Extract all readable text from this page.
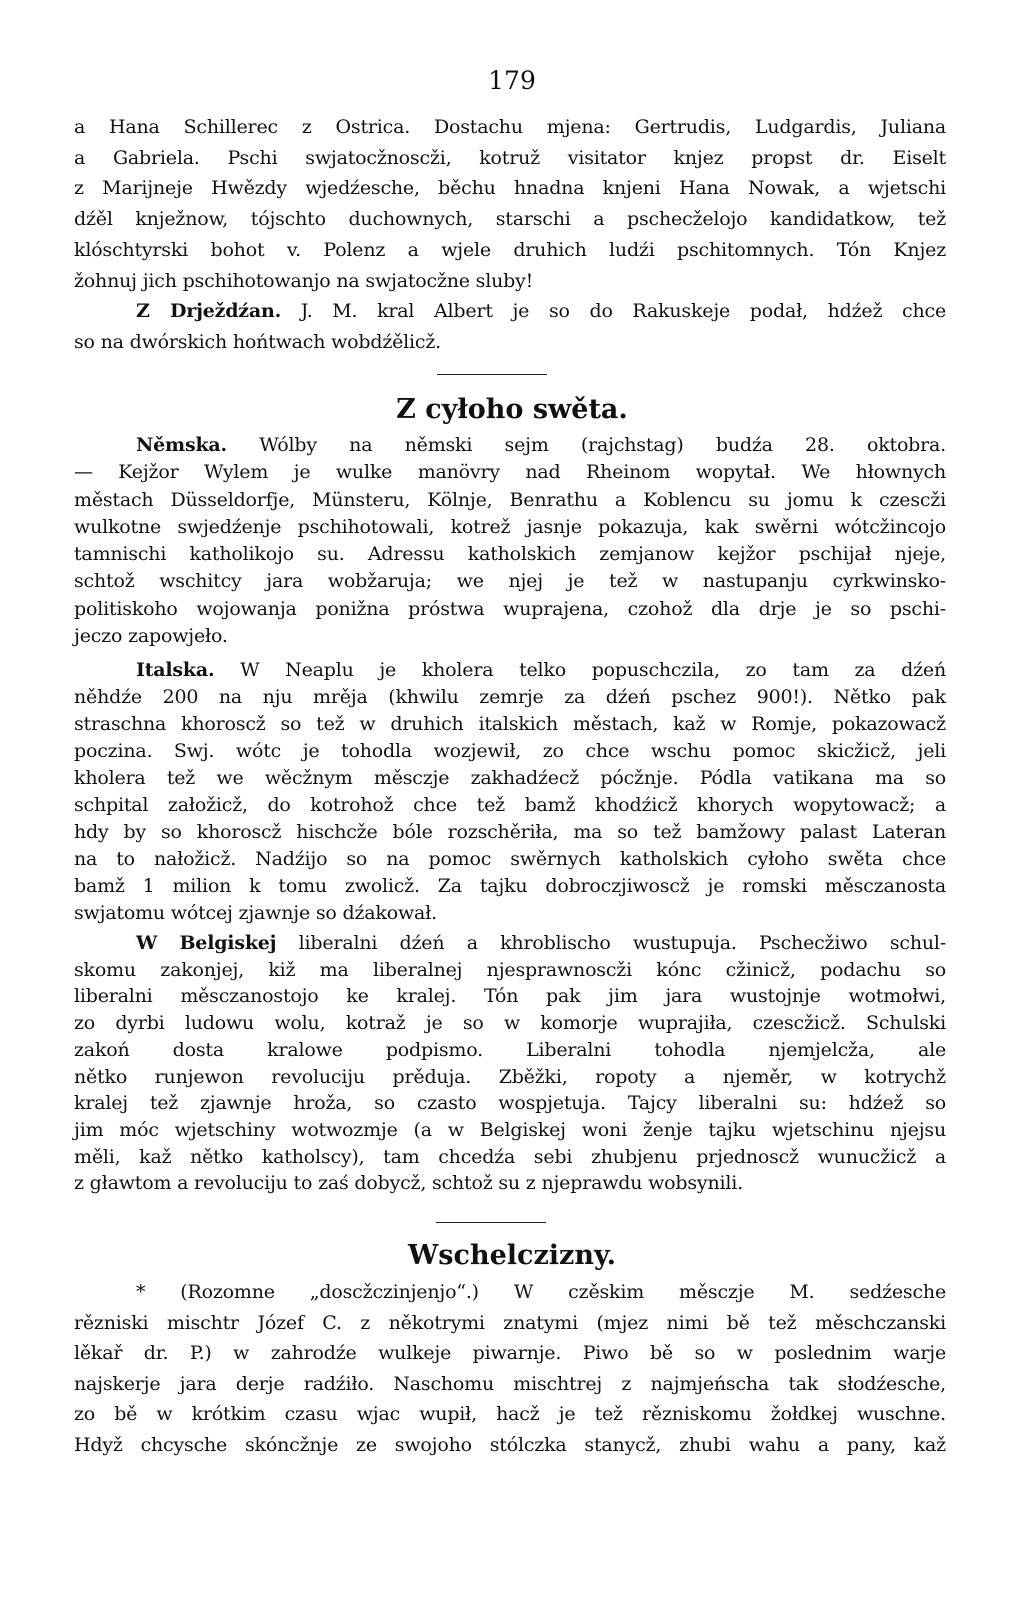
179
a Hana Schillerec z Ostrica. Dostachu mjena: Gertrudis, Ludgardis, Juliana
a Gabriela. Pschi swjatocžnoscži, kotruž visitator knjez propst dr. Eiselt
z Marijneje Hwězdy wjedźesche, běchu hnadna knjeni Hana Nowak, a wjetschi
dźěl knježnow, tójschto duchownych, starschi a pschecželojo kandidatkow, tež
klóschtyrski bohot v. Polenz a wjele druhich ludźi pschitomnych. Tón Knjez
žohnuj jich pschihotowanjo na swjatocžne sluby!
Z Drježdźan. J. M. kral Albert je so do Rakuskeje podał, hdźež chce
so na dwórskich hońtwach wobdźělicž.
Z cyłoho swěta.
Němska. Wólby na němski sejm (rajchstag) budźa 28. oktobra.
— Kejžor Wylem je wulke manövry nad Rheinom wopytał. We hłownych
městach Düsseldorfje, Münsteru, Kölnje, Benrathu a Koblencu su jomu k czescži
wulkotne swjedźenje pschihotowali, kotrež jasnje pokazuja, kak swěrni wótcžincojo
tamnischi katholikojo su. Adressu katholskich zemjanow kejžor pschijał njeje,
schtož wschitcy jara wobžaruja; we njej je tež w nastupanju cyrkwinsko-
politiskoho wojowanja ponižna próstwa wuprajena, czohož dla drje je so pschi-
jeczo zapowjeło.
Italska. W Neaplu je kholera telko popuschczila, zo tam za dźeń
něhdźe 200 na nju mrěja (khwilu zemrje za dźeń pschez 900!). Nětko pak
straschna khoroscž so tež w druhich italskich městach, kaž w Romje, pokazowacž
poczina. Swj. wótc je tohodla wozjewił, zo chce wschu pomoc skicžicž, jeli
kholera tež we wěcžnym měsczje zakhadźecž pócžnje. Pódla vatikana ma so
schpital załožicž, do kotrohož chce tež bamž khodźicž khorych wopytowacž; a
hdy by so khoroscž hischcže bóle rozschěriła, ma so tež bamžowy palast Lateran
na to nałožicž. Nadźijo so na pomoc swěrnych katholskich cyłoho swěta chce
bamž 1 milion k tomu zwolicž. Za tajku dobroczjiwoscž je romski měsczanosta
swjatomu wótcej zjawnje so dźakował.
W Belgiskej liberalni dźeń a khroblischo wustupuja. Pschecžiwo schul-
skomu zakonjej, kiž ma liberalnej njesprawnoscži kónc cžinicž, podachu so
liberalni měsczanostojo ke kralej. Tón pak jim jara wustojnje wotmołwi,
zo dyrbi ludowu wolu, kotraž je so w komorje wuprajiła, czescžicž. Schulski
zakoń dosta kralowe podpismo. Liberalni tohodla njemjelcža, ale
nětko runjewon revoluciju prěduja. Zběžki, ropoty a njeměr, w kotrychž
kralej tež zjawnje hroža, so czasto wospjetuja. Tajcy liberalni su: hdźež so
jim móc wjetschiny wotwozmje (a w Belgiskej woni ženje tajku wjetschinu njejsu
měli, kaž nětko katholscy), tam chcedźa sebi zhubjenu prjednoscž wunucžicž a
z gławtom a revoluciju to zaś dobycž, schtož su z njeprawdu wobsynili.
Wschelczizny.
* (Rozomne „doscžczinjenjo“.) W czěskim měsczje M. sedźesche
rězniski mischtr Józef C. z někotrymi znatymi (mjez nimi bě tež měschczanski
lěkař dr. P.) w zahrodźe wulkeje piwarnje. Piwo bě so w poslednim warje
najskerje jara derje radźiło. Naschomu mischtrej z najmjeńscha tak słodźesche,
zo bě w krótkim czasu wjac wupił, hacž je tež rězniskomu žołdkej wuschne.
Hdyž chcysche skóncžnje ze swojoho stólczka stanycž, zhubi wahu a pany, kaž
